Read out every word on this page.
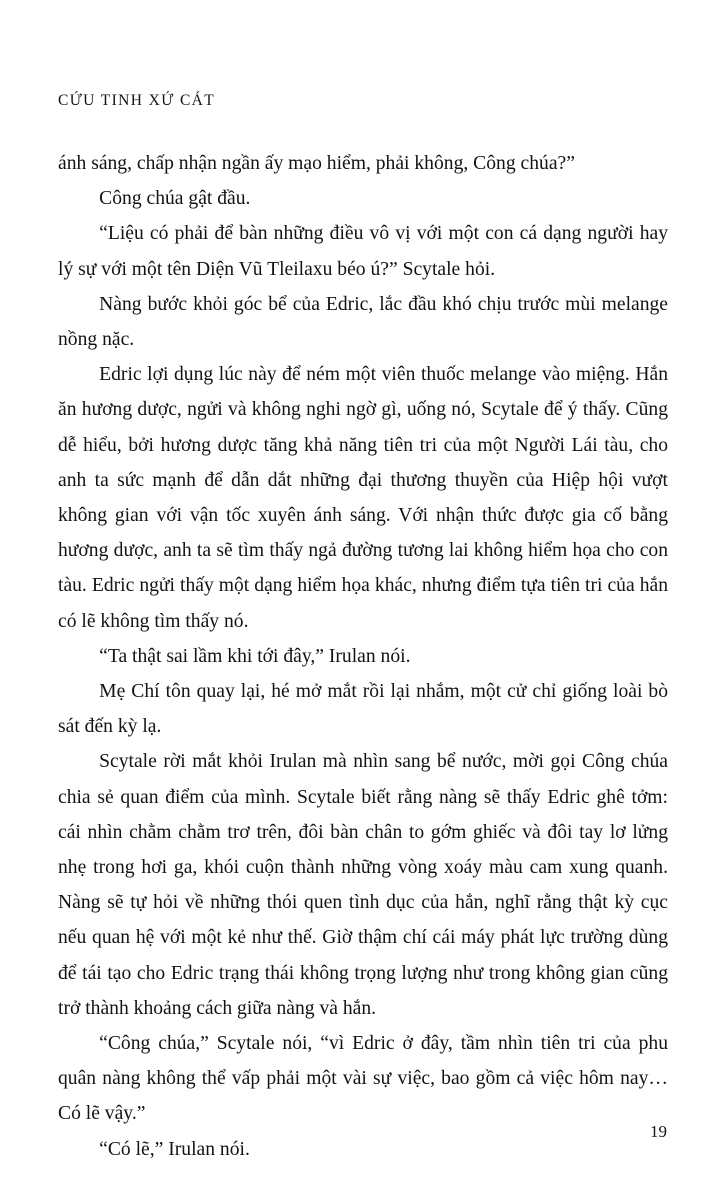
CỨU TINH XỨ CÁT

ánh sáng, chấp nhận ngần ấy mạo hiểm, phải không, Công chúa?”

Công chúa gật đầu.

“Liệu có phải để bàn những điều vô vị với một con cá dạng người hay lý sự với một tên Diện Vũ Tleilaxu béo ú?” Scytale hỏi.

Nàng bước khỏi góc bể của Edric, lắc đầu khó chịu trước mùi melange nồng nặc.

Edric lợi dụng lúc này để ném một viên thuốc melange vào miệng. Hắn ăn hương dược, ngửi và không nghi ngờ gì, uống nó, Scytale để ý thấy. Cũng dễ hiểu, bởi hương dược tăng khả năng tiên tri của một Người Lái tàu, cho anh ta sức mạnh để dẫn dắt những đại thương thuyền của Hiệp hội vượt không gian với vận tốc xuyên ánh sáng. Với nhận thức được gia cố bằng hương dược, anh ta sẽ tìm thấy ngả đường tương lai không hiểm họa cho con tàu. Edric ngửi thấy một dạng hiểm họa khác, nhưng điểm tựa tiên tri của hắn có lẽ không tìm thấy nó.

“Ta thật sai lầm khi tới đây,” Irulan nói.

Mẹ Chí tôn quay lại, hé mở mắt rồi lại nhắm, một cử chỉ giống loài bò sát đến kỳ lạ.

Scytale rời mắt khỏi Irulan mà nhìn sang bể nước, mời gọi Công chúa chia sẻ quan điểm của mình. Scytale biết rằng nàng sẽ thấy Edric ghê tởm: cái nhìn chằm chằm trơ trên, đôi bàn chân to gớm ghiếc và đôi tay lơ lửng nhẹ trong hơi ga, khói cuộn thành những vòng xoáy màu cam xung quanh. Nàng sẽ tự hỏi về những thói quen tình dục của hắn, nghĩ rằng thật kỳ cục nếu quan hệ với một kẻ như thế. Giờ thậm chí cái máy phát lực trường dùng để tái tạo cho Edric trạng thái không trọng lượng như trong không gian cũng trở thành khoảng cách giữa nàng và hắn.

“Công chúa,” Scytale nói, “vì Edric ở đây, tầm nhìn tiên tri của phu quân nàng không thể vấp phải một vài sự việc, bao gồm cả việc hôm nay… Có lẽ vậy.”

“Có lẽ,” Irulan nói.

19
